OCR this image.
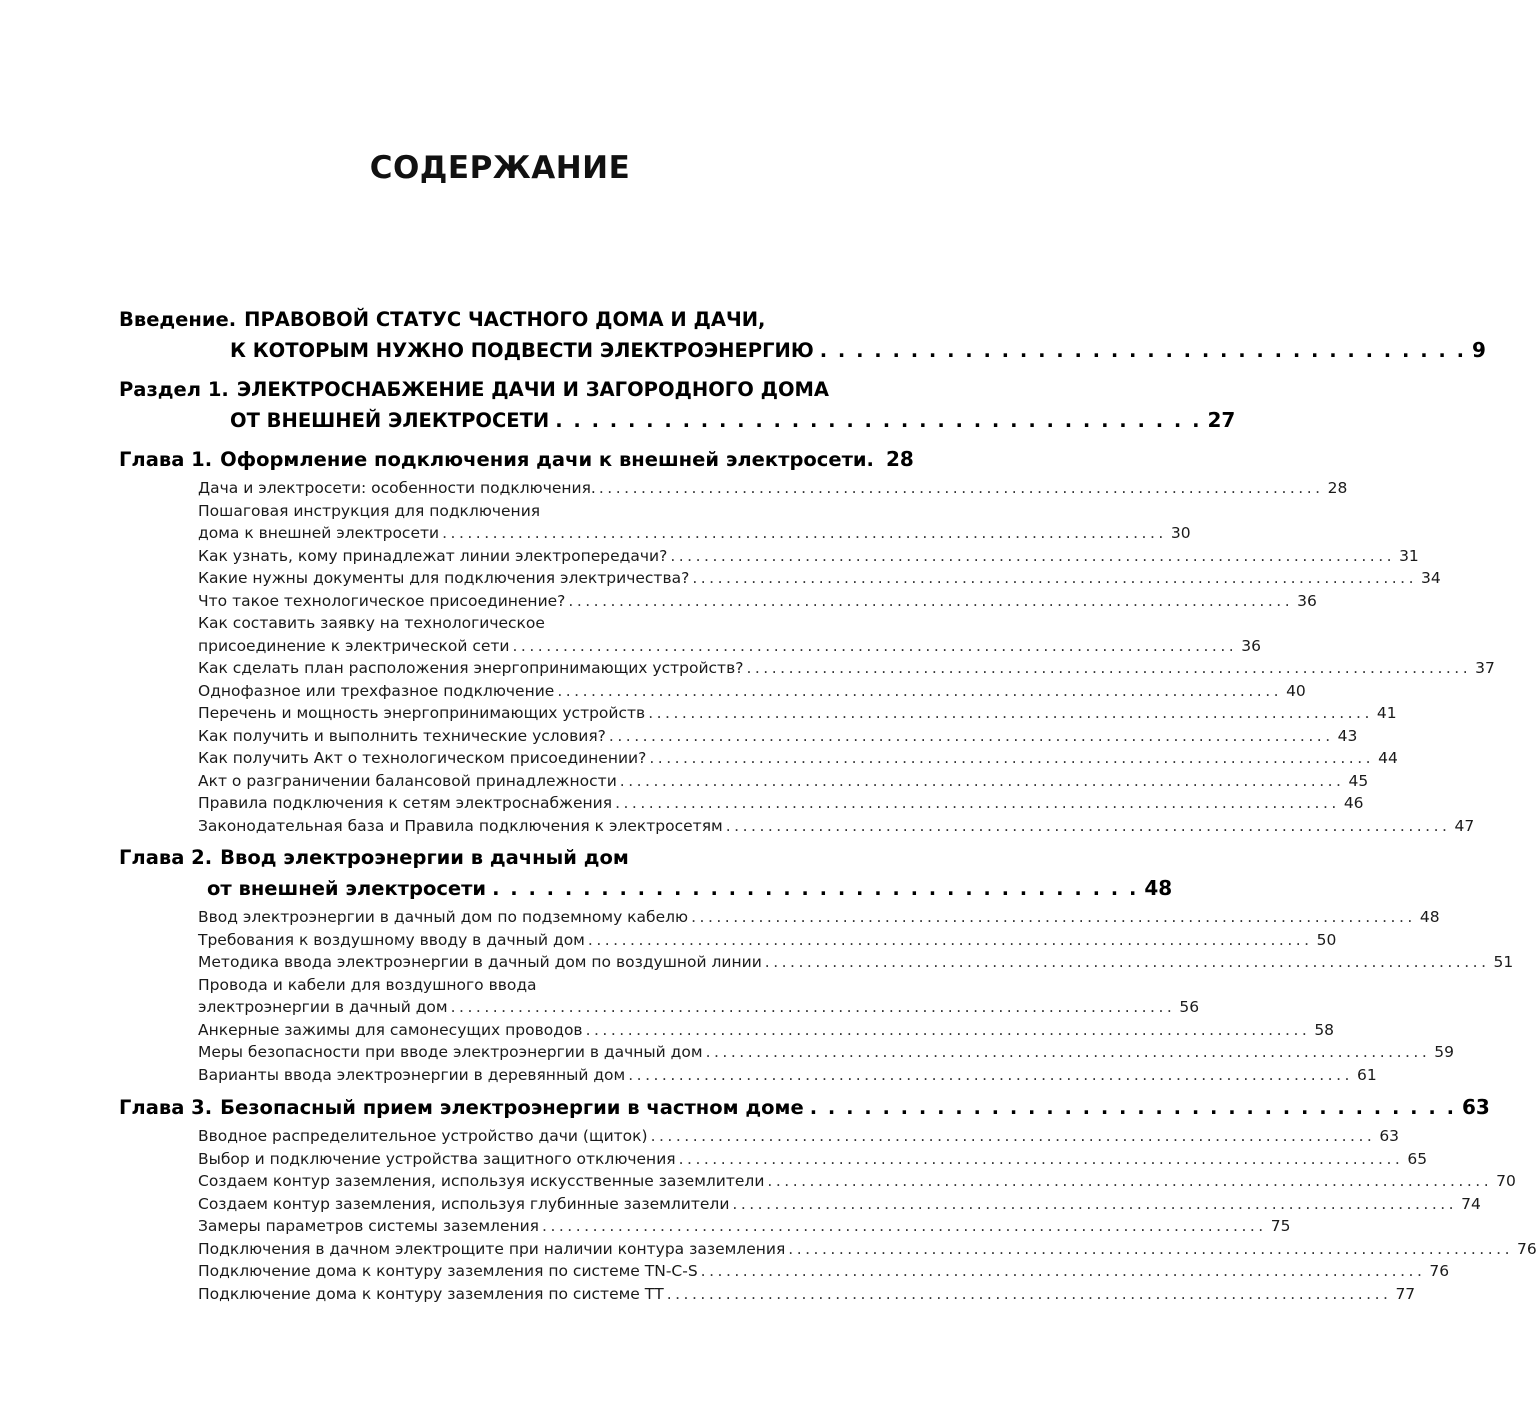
СОДЕРЖАНИЕ
Введение. ПРАВОВОЙ СТАТУС ЧАСТНОГО ДОМА И ДАЧИ,
К КОТОРЫМ НУЖНО ПОДВЕСТИ ЭЛЕКТРОЭНЕРГИЮ . . . . . . . . . . . . . . . . . . . . . . . . . . . . . . . . . . . . 9
Раздел 1. ЭЛЕКТРОСНАБЖЕНИЕ ДАЧИ И ЗАГОРОДНОГО ДОМА
ОТ ВНЕШНЕЙ ЭЛЕКТРОСЕТИ . . . . . . . . . . . . . . . . . . . . . . . . . . . . . . . . . . . . 27
Глава 1. Оформление подключения дачи к внешней электросети. 28
Дача и электросети: особенности подключения. ...................................................................................... 28
Пошаговая инструкция для подключения
дома к внешней электросети ...................................................................................... 30
Как узнать, кому принадлежат линии электропередачи? ...................................................................................... 31
Какие нужны документы для подключения электричества? ...................................................................................... 34
Что такое технологическое присоединение? ...................................................................................... 36
Как составить заявку на технологическое
присоединение к электрической сети ...................................................................................... 36
Как сделать план расположения энергопринимающих устройств? ...................................................................................... 37
Однофазное или трехфазное подключение ...................................................................................... 40
Перечень и мощность энергопринимающих устройств ...................................................................................... 41
Как получить и выполнить технические условия? ...................................................................................... 43
Как получить Акт о технологическом присоединении? ...................................................................................... 44
Акт о разграничении балансовой принадлежности ...................................................................................... 45
Правила подключения к сетям электроснабжения ...................................................................................... 46
Законодательная база и Правила подключения к электросетям ...................................................................................... 47
Глава 2. Ввод электроэнергии в дачный дом
от внешней электросети . . . . . . . . . . . . . . . . . . . . . . . . . . . . . . . . . . . . 48
Ввод электроэнергии в дачный дом по подземному кабелю ...................................................................................... 48
Требования к воздушному вводу в дачный дом ...................................................................................... 50
Методика ввода электроэнергии в дачный дом по воздушной линии ...................................................................................... 51
Провода и кабели для воздушного ввода
электроэнергии в дачный дом ...................................................................................... 56
Анкерные зажимы для самонесущих проводов ...................................................................................... 58
Меры безопасности при вводе электроэнергии в дачный дом ...................................................................................... 59
Варианты ввода электроэнергии в деревянный дом ...................................................................................... 61
Глава 3. Безопасный прием электроэнергии в частном доме . . . . . . . . . . . . . . . . . . . . . . . . . . . . . . . . . . . . 63
Вводное распределительное устройство дачи (щиток) ...................................................................................... 63
Выбор и подключение устройства защитного отключения ...................................................................................... 65
Создаем контур заземления, используя искусственные заземлители ...................................................................................... 70
Создаем контур заземления, используя глубинные заземлители ...................................................................................... 74
Замеры параметров системы заземления ...................................................................................... 75
Подключения в дачном электрощите при наличии контура заземления ...................................................................................... 76
Подключение дома к контуру заземления по системе TN-C-S ...................................................................................... 76
Подключение дома к контуру заземления по системе ТТ ...................................................................................... 77
